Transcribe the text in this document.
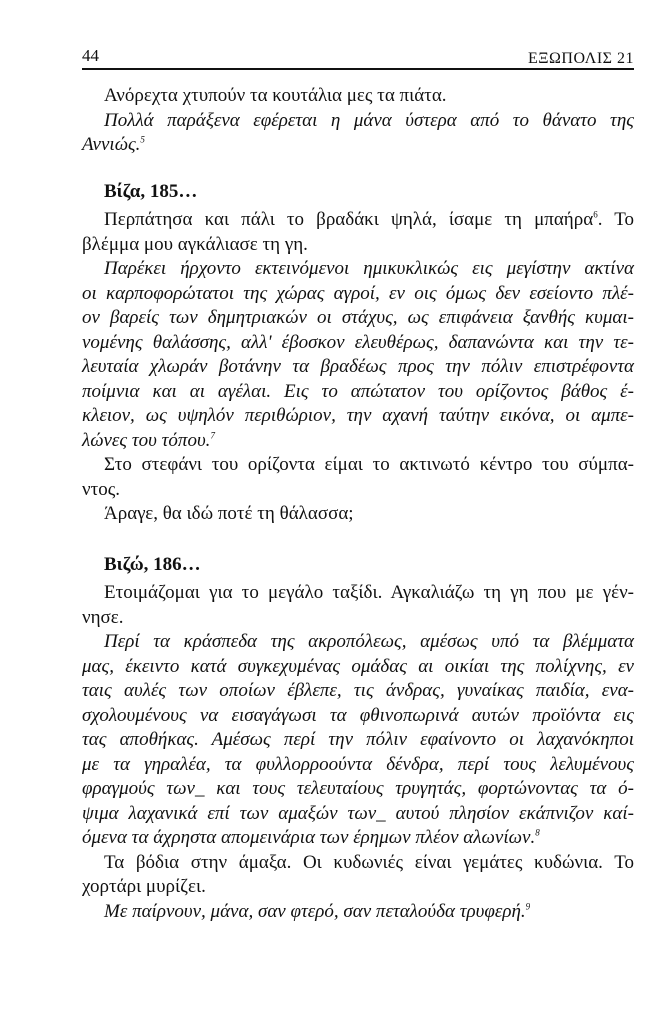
44	ΕΞΩΠΟΛΙΣ 21
Ανόρεχτα χτυπούν τα κουτάλια μες τα πιάτα.
Πολλά παράξενα εφέρεται η μάνα ύστερα από το θάνατο της
Αννιώς.$^5$
Βίζα, 185…
Περπάτησα και πάλι το βραδάκι ψηλά, ίσαμε τη μπαήρα$^6$. Το
βλέμμα μου αγκάλιασε τη γη.
Παρέκει ήρχοντο εκτεινόμενοι ημικυκλικώς εις μεγίστην ακτίνα
οι καρποφορώτατοι της χώρας αγροί, εν οις όμως δεν εσείοντο πλέ-
ον βαρείς των δημητριακών οι στάχυς, ως επιφάνεια ξανθής κυμαι-
νομένης θαλάσσης, αλλ' έβοσκον ελευθέρως, δαπανώντα και την τε-
λευταία χλωράν βοτάνην τα βραδέως προς την πόλιν επιστρέφοντα
ποίμνια και αι αγέλαι. Εις το απώτατον του ορίζοντος βάθος έ-
κλειον, ως υψηλόν περιθώριον, την αχανή ταύτην εικόνα, οι αμπε-
λώνες του τόπου.$^7$
Στο στεφάνι του ορίζοντα είμαι το ακτινωτό κέντρο του σύμπα-
ντος.
Άραγε, θα ιδώ ποτέ τη θάλασσα;
Βιζώ, 186…
Ετοιμάζομαι για το μεγάλο ταξίδι. Αγκαλιάζω τη γη που με γέν-
νησε.
Περί τα κράσπεδα της ακροπόλεως, αμέσως υπό τα βλέμματα
μας, έκειντο κατά συγκεχυμένας ομάδας αι οικίαι της πολίχνης, εν
ταις αυλές των οποίων έβλεπε, τις άνδρας, γυναίκας παιδία, ενα-
σχολουμένους να εισαγάγωσι τα φθινοπωρινά αυτών προϊόντα εις
τας αποθήκας. Αμέσως περί την πόλιν εφαίνοντο οι λαχανόκηποι
με τα γηραλέα, τα φυλλορροούντα δένδρα, περί τους λελυμένους
φραγμούς των_ και τους τελευταίους τρυγητάς, φορτώνοντας τα ό-
ψιμα λαχανικά επί των αμαξών των_ αυτού πλησίον εκάπνιζον καί-
όμενα τα άχρηστα απομεινάρια των έρημων πλέον αλωνίων.$^8$
Τα βόδια στην άμαξα. Οι κυδωνιές είναι γεμάτες κυδώνια. Το
χορτάρι μυρίζει.
Με παίρνουν, μάνα, σαν φτερό, σαν πεταλούδα τρυφερή.$^9$
